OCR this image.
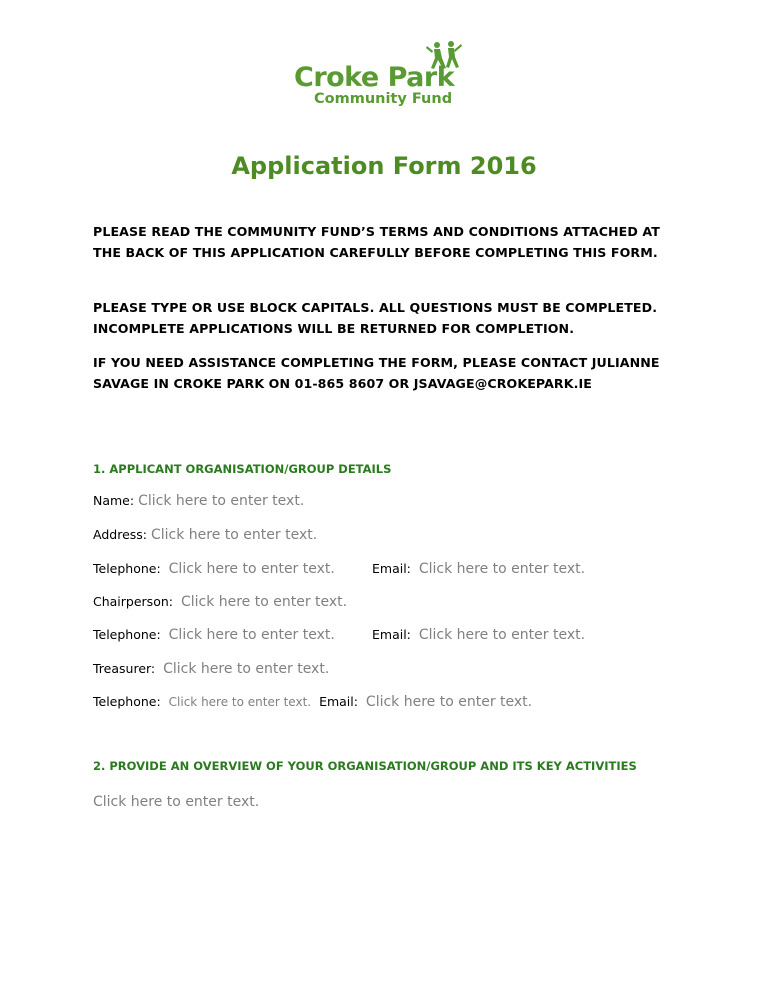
Croke Park
Community Fund
Application Form 2016

PLEASE READ THE COMMUNITY FUND’S TERMS AND CONDITIONS ATTACHED AT THE BACK OF THIS APPLICATION CAREFULLY BEFORE COMPLETING THIS FORM.

PLEASE TYPE OR USE BLOCK CAPITALS. ALL QUESTIONS MUST BE COMPLETED. INCOMPLETE APPLICATIONS WILL BE RETURNED FOR COMPLETION.

IF YOU NEED ASSISTANCE COMPLETING THE FORM, PLEASE CONTACT JULIANNE SAVAGE IN CROKE PARK ON 01-865 8607 OR JSAVAGE@CROKEPARK.IE

1. APPLICANT ORGANISATION/GROUP DETAILS

Name: Click here to enter text.
Address: Click here to enter text.
Telephone: Click here to enter text.	Email: Click here to enter text.
Chairperson: Click here to enter text.
Telephone: Click here to enter text.	Email: Click here to enter text.
Treasurer: Click here to enter text.
Telephone: Click here to enter text. Email: Click here to enter text.

2. PROVIDE AN OVERVIEW OF YOUR ORGANISATION/GROUP AND ITS KEY ACTIVITIES

Click here to enter text.
